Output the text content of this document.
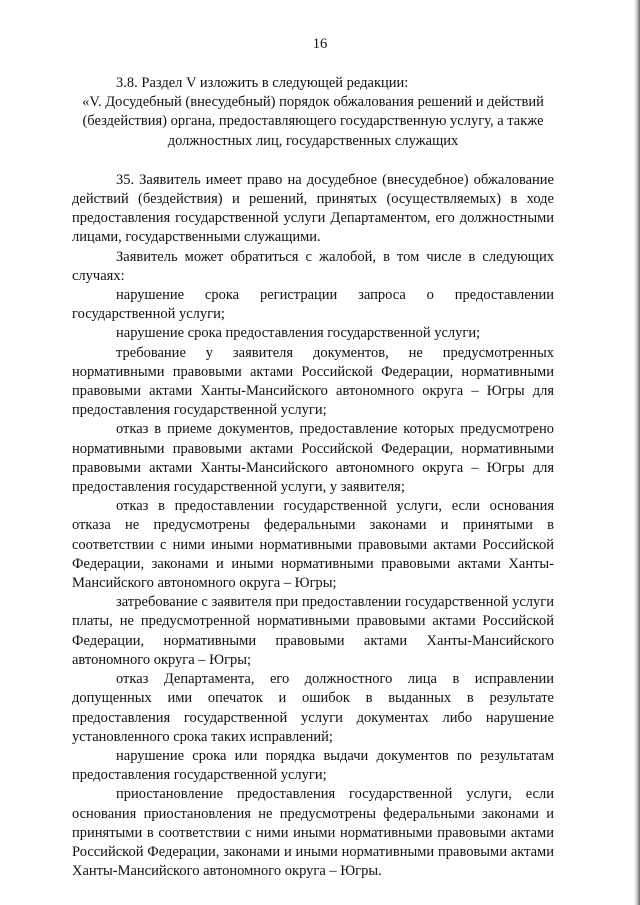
16

3.8. Раздел V изложить в следующей редакции:

«V. Досудебный (внесудебный) порядок обжалования решений и действий (бездействия) органа, предоставляющего государственную услугу, а также должностных лиц, государственных служащих

35. Заявитель имеет право на досудебное (внесудебное) обжалование действий (бездействия) и решений, принятых (осуществляемых) в ходе предоставления государственной услуги Департаментом, его должностными лицами, государственными служащими.

Заявитель может обратиться с жалобой, в том числе в следующих случаях:

нарушение срока регистрации запроса о предоставлении государственной услуги;

нарушение срока предоставления государственной услуги;

требование у заявителя документов, не предусмотренных нормативными правовыми актами Российской Федерации, нормативными правовыми актами Ханты-Мансийского автономного округа – Югры для предоставления государственной услуги;

отказ в приеме документов, предоставление которых предусмотрено нормативными правовыми актами Российской Федерации, нормативными правовыми актами Ханты-Мансийского автономного округа – Югры для предоставления государственной услуги, у заявителя;

отказ в предоставлении государственной услуги, если основания отказа не предусмотрены федеральными законами и принятыми в соответствии с ними иными нормативными правовыми актами Российской Федерации, законами и иными нормативными правовыми актами Ханты-Мансийского автономного округа – Югры;

затребование с заявителя при предоставлении государственной услуги платы, не предусмотренной нормативными правовыми актами Российской Федерации, нормативными правовыми актами Ханты-Мансийского автономного округа – Югры;

отказ Департамента, его должностного лица в исправлении допущенных ими опечаток и ошибок в выданных в результате предоставления государственной услуги документах либо нарушение установленного срока таких исправлений;

нарушение срока или порядка выдачи документов по результатам предоставления государственной услуги;

приостановление предоставления государственной услуги, если основания приостановления не предусмотрены федеральными законами и принятыми в соответствии с ними иными нормативными правовыми актами Российской Федерации, законами и иными нормативными правовыми актами Ханты-Мансийского автономного округа – Югры.
